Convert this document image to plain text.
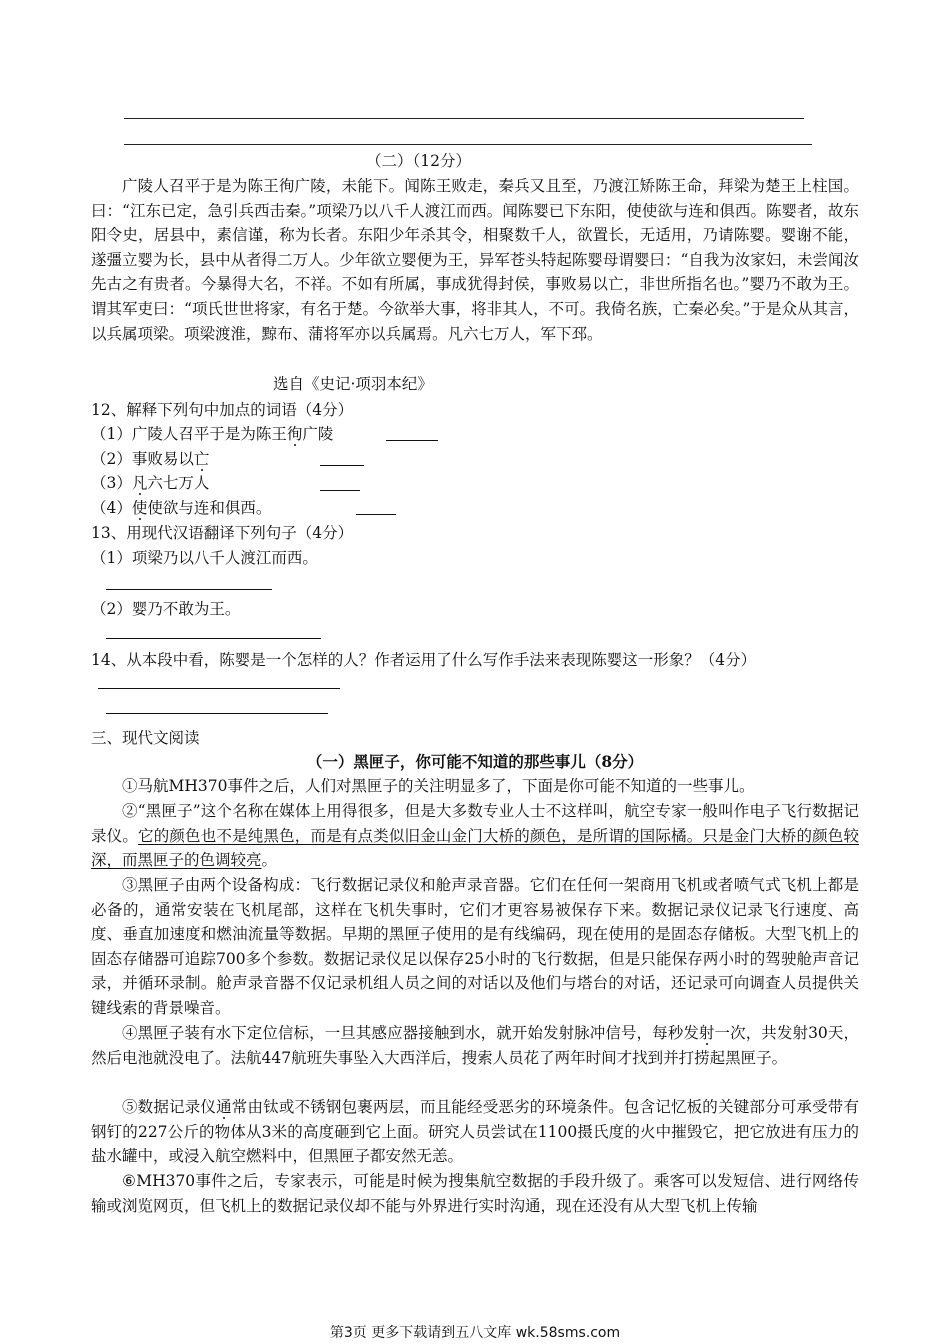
（二）（12分）
广陵人召平于是为陈王徇广陵，未能下。闻陈王败走，秦兵又且至，乃渡江矫陈王命，拜梁为楚王上柱国。曰：“江东已定，急引兵西击秦。”项梁乃以八千人渡江而西。闻陈婴已下东阳，使使欲与连和俱西。陈婴者，故东阳令史，居县中，素信谨，称为长者。东阳少年杀其令，相聚数千人，欲置长，无适用，乃请陈婴。婴谢不能，遂彊立婴为长，县中从者得二万人。少年欲立婴便为王，异军苍头特起陈婴母谓婴曰：“自我为汝家妇，未尝闻汝先古之有贵者。今暴得大名，不祥。不如有所属，事成犹得封侯，事败易以亡，非世所指名也。”婴乃不敢为王。谓其军吏曰：“项氏世世将家，有名于楚。今欲举大事，将非其人，不可。我倚名族，亡秦必矣。”于是众从其言，以兵属项梁。项梁渡淮，黥布、蒲将军亦以兵属焉。凡六七万人，军下邳。
选自《史记·项羽本纪》
12、解释下列句中加点的词语（4分）
（1）广陵人召平于是为陈王徇广陵
（2）事败易以亡
（3）凡六七万人
（4）使使欲与连和俱西。
13、用现代汉语翻译下列句子（4分）
（1）项梁乃以八千人渡江而西。
（2）婴乃不敢为王。
14、从本段中看，陈婴是一个怎样的人？作者运用了什么写作手法来表现陈婴这一形象？（4分）
三、现代文阅读
（一）黑匣子，你可能不知道的那些事儿（8分）
①马航MH370事件之后，人们对黑匣子的关注明显多了，下面是你可能不知道的一些事儿。
②“黑匣子”这个名称在媒体上用得很多，但是大多数专业人士不这样叫，航空专家一般叫作电子飞行数据记录仪。它的颜色也不是纯黑色，而是有点类似旧金山金门大桥的颜色，是所谓的国际橘。只是金门大桥的颜色较深，而黑匣子的色调较亮。
③黑匣子由两个设备构成：飞行数据记录仪和舱声录音器。它们在任何一架商用飞机或者喷气式飞机上都是必备的，通常安装在飞机尾部，这样在飞机失事时，它们才更容易被保存下来。数据记录仪记录飞行速度、高度、垂直加速度和燃油流量等数据。早期的黑匣子使用的是有线编码，现在使用的是固态存储板。大型飞机上的固态存储器可追踪700多个参数。数据记录仪足以保存25小时的飞行数据，但是只能保存两小时的驾驶舱声音记录，并循环录制。舱声录音器不仅记录机组人员之间的对话以及他们与塔台的对话，还记录可向调查人员提供关键线索的背景噪音。
④黑匣子装有水下定位信标，一旦其感应器接触到水，就开始发射脉冲信号，每秒发射一次，共发射30天，然后电池就没电了。法航447航班失事坠入大西洋后，搜索人员花了两年时间才找到并打捞起黑匣子。
⑤数据记录仪通常由钛或不锈钢包裹两层，而且能经受恶劣的环境条件。包含记忆板的关键部分可承受带有钢钉的227公斤的物体从3米的高度砸到它上面。研究人员尝试在1100摄氏度的火中摧毁它，把它放进有压力的盐水罐中，或浸入航空燃料中，但黑匣子都安然无恙。
⑥MH370事件之后，专家表示，可能是时候为搜集航空数据的手段升级了。乘客可以发短信、进行网络传输或浏览网页，但飞机上的数据记录仪却不能与外界进行实时沟通，现在还没有从大型飞机上传输
第3页 更多下载请到五八文库 wk.58sms.com
